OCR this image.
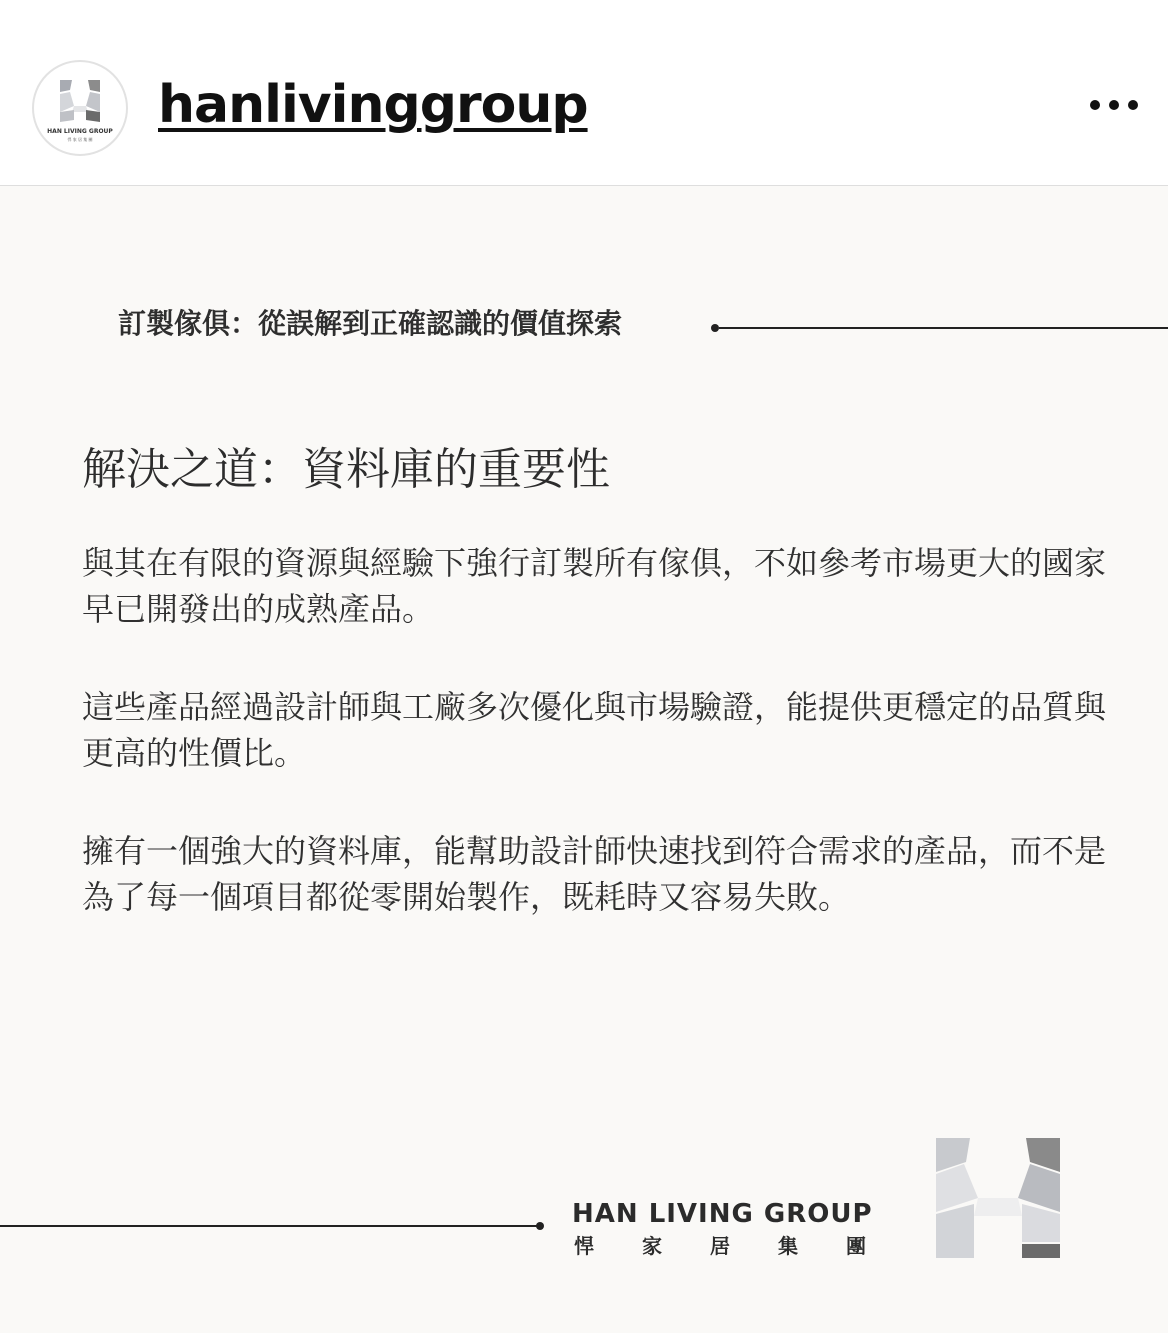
HAN LIVING GROUP
悍 家 居 集 團
hanlivinggroup
訂製傢俱：從誤解到正確認識的價值探索
解決之道：資料庫的重要性

與其在有限的資源與經驗下強行訂製所有傢俱，不如參考市場更大的國家早已開發出的成熟產品。

這些產品經過設計師與工廠多次優化與市場驗證，能提供更穩定的品質與更高的性價比。

擁有一個強大的資料庫，能幫助設計師快速找到符合需求的產品，而不是為了每一個項目都從零開始製作，既耗時又容易失敗。

HAN LIVING GROUP
悍 家 居 集 團
